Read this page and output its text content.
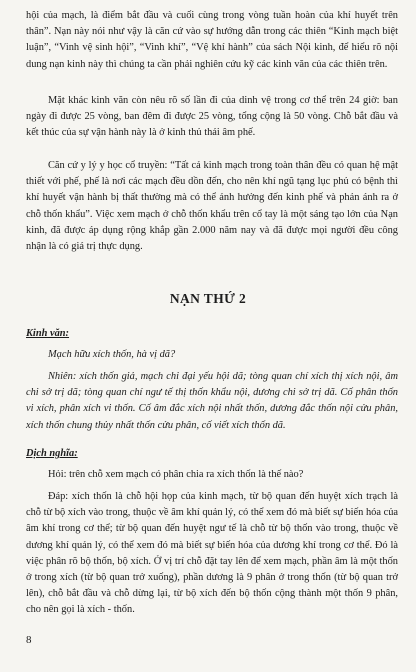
hội của mạch, là điểm bắt đầu và cuối cùng trong vòng tuần hoàn của khí huyết trên thân”. Nạn này nói như vậy là căn cứ vào sự hướng dẫn trong các thiên “Kinh mạch biệt luận”, “Vinh vệ sinh hội”, “Vinh khí”, “Vệ khí hành” của sách Nội kinh, để hiểu rõ nội dung nạn kinh này thì chúng ta cần phải nghiên cứu kỹ các kinh văn của các thiên trên.

Mặt khác kinh văn còn nêu rõ số lần đi của dinh vệ trong cơ thể trên 24 giờ: ban ngày đi được 25 vòng, ban đêm đi được 25 vòng, tổng cộng là 50 vòng. Chỗ bắt đầu và kết thúc của sự vận hành này là ở kinh thủ thái âm phế.

Căn cứ y lý y học cổ truyền: “Tất cả kinh mạch trong toàn thân đều có quan hệ mật thiết với phế, phế là nơi các mạch đều dồn đến, cho nên khí ngũ tạng lục phủ có bệnh thì khí huyết vận hành bị thất thường mà có thể ảnh hưởng đến kinh phế và phản ánh ra ở chỗ thốn khẩu”. Việc xem mạch ở chỗ thốn khẩu trên cổ tay là một sáng tạo lớn của Nạn kinh, đã được áp dụng rộng khắp gần 2.000 năm nay và đã được mọi người đều công nhận là có giá trị thực dụng.

NẠN THỨ 2

Kinh văn:

Mạch hữu xích thốn, hà vị dã?

Nhiên: xích thốn giả, mạch chi đại yếu hội dã; tòng quan chí xích thị xích nội, âm chi sở trị dã; tòng quan chí ngư tế thị thốn khẩu nội, dương chi sở trị dã. Cố phân thốn vi xích, phân xích vi thốn. Cố âm đắc xích nội nhất thốn, dương đắc thốn nội cửu phân, xích thốn chung thủy nhất thốn cửu phân, cố viết xích thốn dã.

Dịch nghĩa:

Hỏi: trên chỗ xem mạch có phân chia ra xích thốn là thế nào?

Đáp: xích thốn là chỗ hội họp của kinh mạch, từ bộ quan đến huyệt xích trạch là chỗ từ bộ xích vào trong, thuộc về âm khí quản lý, có thể xem đó mà biết sự biến hóa của âm khí trong cơ thể; từ bộ quan đến huyệt ngư tế là chỗ từ bộ thốn vào trong, thuộc về dương khí quản lý, có thể xem đó mà biết sự biến hóa của dương khí trong cơ thể. Đó là việc phân rõ bộ thốn, bộ xích. Ở vị trí chỗ đặt tay lên để xem mạch, phần âm là một thốn ở trong xích (từ bộ quan trở xuống), phần dương là 9 phân ở trong thốn (từ bộ quan trở lên), chỗ bắt đầu và chỗ dừng lại, từ bộ xích đến bộ thốn cộng thành một thốn 9 phân, cho nên gọi là xích - thốn.

8
